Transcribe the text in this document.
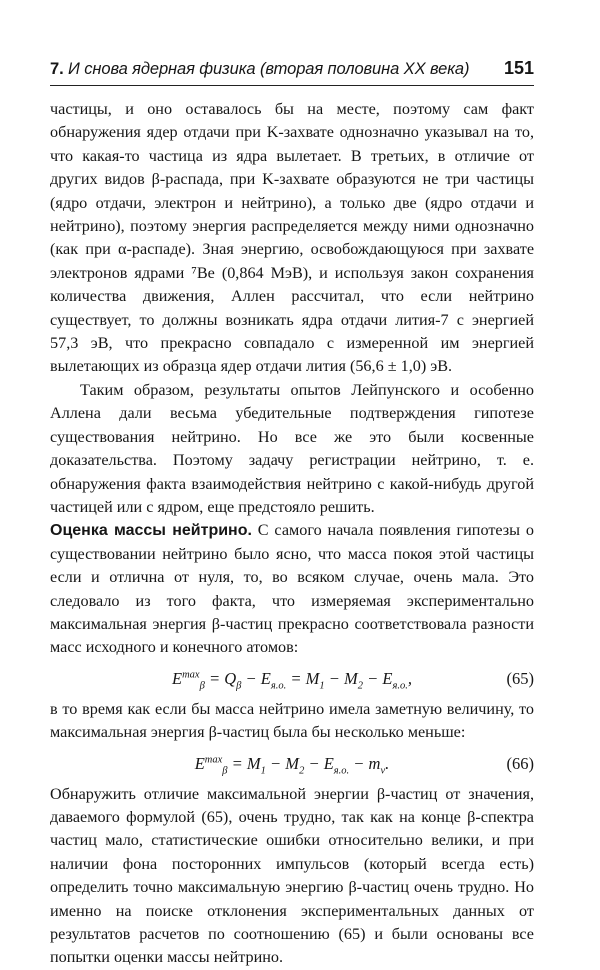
7. И снова ядерная физика (вторая половина XX века) 151

частицы, и оно оставалось бы на месте, поэтому сам факт обнаружения ядер отдачи при K-захвате однозначно указывал на то, что какая-то частица из ядра вылетает. В третьих, в отличие от других видов β-распада, при K-захвате образуются не три частицы (ядро отдачи, электрон и нейтрино), а только две (ядро отдачи и нейтрино), поэтому энергия распределяется между ними однозначно (как при α-распаде). Зная энергию, освобождающуюся при захвате электронов ядрами ⁷Be (0,864 МэВ), и используя закон сохранения количества движения, Аллен рассчитал, что если нейтрино существует, то должны возникать ядра отдачи лития-7 с энергией 57,3 эВ, что прекрасно совпадало с измеренной им энергией вылетающих из образца ядер отдачи лития (56,6 ± 1,0) эВ.

Таким образом, результаты опытов Лейпунского и особенно Аллена дали весьма убедительные подтверждения гипотезе существования нейтрино. Но все же это были косвенные доказательства. Поэтому задачу регистрации нейтрино, т. е. обнаружения факта взаимодействия нейтрино с какой-нибудь другой частицей или с ядром, еще предстояло решить.

Оценка массы нейтрино. С самого начала появления гипотезы о существовании нейтрино было ясно, что масса покоя этой частицы если и отлична от нуля, то, во всяком случае, очень мала. Это следовало из того факта, что измеряемая экспериментально максимальная энергия β-частиц прекрасно соответствовала разности масс исходного и конечного атомов:

$E^{max}_\beta = Q_\beta - E_{я.о.} = M_1 - M_2 - E_{я.о.}$,	(65)

в то время как если бы масса нейтрино имела заметную величину, то максимальная энергия β-частиц была бы несколько меньше:

$E^{max}_\beta = M_1 - M_2 - E_{я.о.} - m_\nu$.	(66)

Обнаружить отличие максимальной энергии β-частиц от значения, даваемого формулой (65), очень трудно, так как на конце β-спектра частиц мало, статистические ошибки относительно велики, и при наличии фона посторонних импульсов (который всегда есть) определить точно максимальную энергию β-частиц очень трудно. Но именно на поиске отклонения экспериментальных данных от результатов расчетов по соотношению (65) и были основаны все попытки оценки массы нейтрино.
